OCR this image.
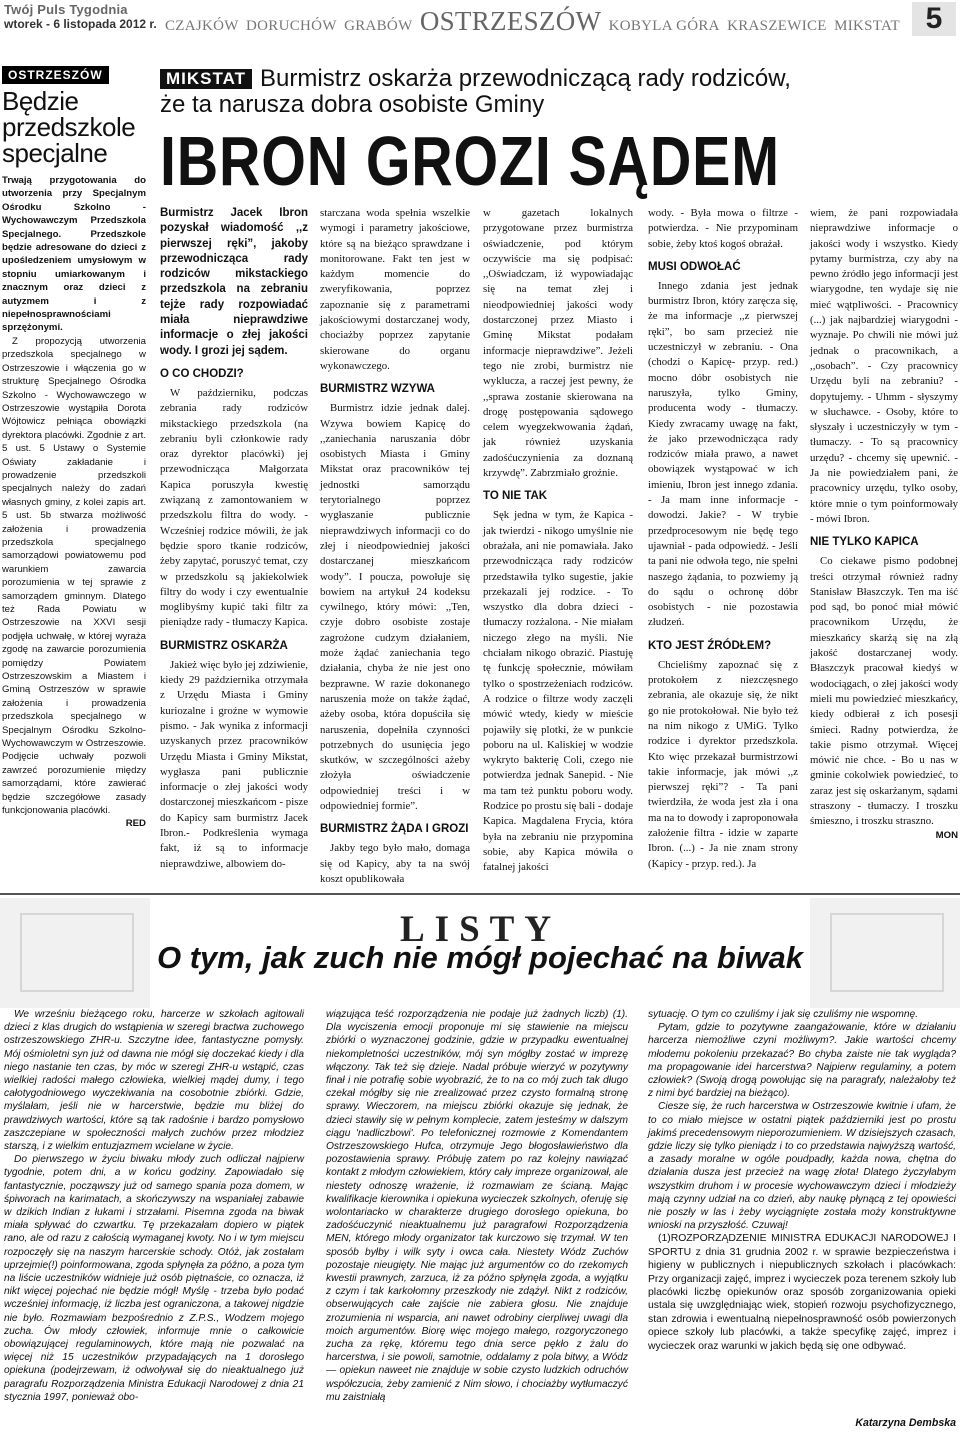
Twój Puls Tygodnia
wtorek - 6 listopada 2012 r. CZAJKÓW DORUCHÓW GRABÓW OSTRZESZÓW KOBYLA GÓRA KRASZEWICE MIKSTAT 5
OSTRZESZÓW
Będzie
przedszkole
specjalne

Trwają przygotowania do utworzenia przy Specjalnym Ośrodku Szkolno - Wychowawczym Przedszkola Specjalnego. Przedszkole będzie adresowane do dzieci z upośledzeniem umysłowym w stopniu umiarkowanym i znacznym oraz dzieci z autyzmem i z niepełnosprawnościami sprzężonymi.

Z propozycją utworzenia przedszkola specjalnego w Ostrzeszowie i włączenia go w strukturę Specjalnego Ośrodka Szkolno - Wychowawczego w Ostrzeszowie wystąpiła Dorota Wójtowicz pełniąca obowiązki dyrektora placówki. Zgodnie z art. 5 ust. 5 Ustawy o Systemie Oświaty zakładanie i prowadzenie przedszkoli specjalnych należy do zadań własnych gminy, z kolei zapis art. 5 ust. 5b stwarza możliwość założenia i prowadzenia przedszkola specjalnego samorządowi powiatowemu pod warunkiem zawarcia porozumienia w tej sprawie z samorządem gminnym. Dlatego też Rada Powiatu w Ostrzeszowie na XXVI sesji podjęła uchwałę, w której wyraża zgodę na zawarcie porozumienia pomiędzy Powiatem Ostrzeszowskim a Miastem i Gminą Ostrzeszów w sprawie założenia i prowadzenia przedszkola specjalnego w Specjalnym Ośrodku Szkolno-Wychowawczym w Ostrzeszowie. Podjęcie uchwały pozwoli zawrzeć porozumienie między samorządami, które zawierać będzie szczegółowe zasady funkcjonowania placówki.

RED
MIKSTAT Burmistrz oskarża przewodniczącą rady rodziców,
że ta narusza dobra osobiste Gminy
IBRON GROZI SĄDEM

Burmistrz Jacek Ibron pozyskał wiadomość ,,z pierwszej ręki”, jakoby przewodnicząca rady rodziców mikstackiego przedszkola na zebraniu tejże rady rozpowiadać miała nieprawdziwe informacje o złej jakości wody. I grozi jej sądem.

O CO CHODZI?

W październiku, podczas zebrania rady rodziców mikstackiego przedszkola (na zebraniu byli członkowie rady oraz dyrektor placówki) jej przewodnicząca Małgorzata Kapica poruszyła kwestię związaną z zamontowaniem w przedszkolu filtra do wody. - Wcześniej rodzice mówili, że jak będzie sporo tkanie rodziców, żeby zapytać, poruszyć temat, czy w przedszkolu są jakiekolwiek filtry do wody i czy ewentualnie moglibyśmy kupić taki filtr za pieniądze rady - tłumaczy Kapica.

BURMISTRZ OSKARŻA

Jakież więc było jej zdziwienie, kiedy 29 października otrzymała z Urzędu Miasta i Gminy kuriozalne i groźne w wymowie pismo. - Jak wynika z informacji uzyskanych przez pracowników Urzędu Miasta i Gminy Mikstat, wygłasza pani publicznie informacje o złej jakości wody dostarczonej mieszkańcom - pisze do Kapicy sam burmistrz Jacek Ibron.- Podkreślenia wymaga fakt, iż są to informacje nieprawdziwe, albowiem do-

starczana woda spełnia wszelkie wymogi i parametry jakościowe, które są na bieżąco sprawdzane i monitorowane. Fakt ten jest w każdym momencie do zweryfikowania, poprzez zapoznanie się z parametrami jakościowymi dostarczanej wody, chociażby poprzez zapytanie skierowane do organu wykonawczego.

BURMISTRZ WZYWA

Burmistrz idzie jednak dalej. Wzywa bowiem Kapicę do ,,zaniechania naruszania dóbr osobistych Miasta i Gminy Mikstat oraz pracowników tej jednostki samorządu terytorialnego poprzez wygłaszanie publicznie nieprawdziwych informacji co do złej i nieodpowiedniej jakości dostarczanej mieszkańcom wody”. I poucza, powołuje się bowiem na artykuł 24 kodeksu cywilnego, który mówi: ,,Ten, czyje dobro osobiste zostaje zagrożone cudzym działaniem, może żądać zaniechania tego działania, chyba że nie jest ono bezprawne. W razie dokonanego naruszenia może on także żądać, ażeby osoba, która dopuściła się naruszenia, dopełniła czynności potrzebnych do usunięcia jego skutków, w szczególności ażeby złożyła oświadczenie odpowiedniej treści i w odpowiedniej formie”.

BURMISTRZ ŻĄDA I GROZI

Jakby tego było mało, domaga się od Kapicy, aby ta na swój koszt opublikowała

w gazetach lokalnych przygotowane przez burmistrza oświadczenie, pod którym oczywiście ma się podpisać: ,,Oświadczam, iż wypowiadając się na temat złej i nieodpowiedniej jakości wody dostarczonej przez Miasto i Gminę Mikstat podałam informacje nieprawdziwe”. Jeżeli tego nie zrobi, burmistrz nie wyklucza, a raczej jest pewny, że ,,sprawa zostanie skierowana na drogę postępowania sądowego celem wyegzekwowania żądań, jak również uzyskania zadośćuczynienia za doznaną krzywdę”. Zabrzmiało groźnie.

TO NIE TAK

Sęk jedna w tym, że Kapica - jak twierdzi - nikogo umyślnie nie obrażała, ani nie pomawiała. Jako przewodnicząca rady rodziców przedstawiła tylko sugestie, jakie przekazali jej rodzice. - To wszystko dla dobra dzieci - tłumaczy rozżalona. - Nie miałam niczego złego na myśli. Nie chciałam nikogo obrazić. Piastuję tę funkcję społecznie, mówiłam tylko o spostrzeżeniach rodziców. A rodzice o filtrze wody zaczęli mówić wtedy, kiedy w mieście pojawiły się plotki, że w punkcie poboru na ul. Kaliskiej w wodzie wykryto bakterię Coli, czego nie potwierdza jednak Sanepid. - Nie ma tam też punktu poboru wody. Rodzice po prostu się bali - dodaje Kapica. Magdalena Frycia, która była na zebraniu nie przypomina sobie, aby Kapica mówiła o fatalnej jakości

wody. - Była mowa o filtrze - potwierdza. - Nie przypominam sobie, żeby ktoś kogoś obrażał.

MUSI ODWOŁAĆ

Innego zdania jest jednak burmistrz Ibron, który zaręcza się, że ma informacje ,,z pierwszej ręki”, bo sam przecież nie uczestniczył w zebraniu. - Ona (chodzi o Kapicę- przyp. red.) mocno dóbr osobistych nie naruszyła, tylko Gminy, producenta wody - tłumaczy. Kiedy zwracamy uwagę na fakt, że jako przewodnicząca rady rodziców miała prawo, a nawet obowiązek wystąpować w ich imieniu, Ibron jest innego zdania. - Ja mam inne informacje - dowodzi. Jakie? - W trybie przedprocesowym nie będę tego ujawniał - pada odpowiedź. - Jeśli ta pani nie odwoła tego, nie spełni naszego żądania, to pozwiemy ją do sądu o ochronę dóbr osobistych - nie pozostawia złudzeń.

KTO JEST ŹRÓDŁEM?

Chcieliśmy zapoznać się z protokołem z niezczęsnego zebrania, ale okazuje się, że nikt go nie protokołował. Nie było też na nim nikogo z UMiG. Tylko rodzice i dyrektor przedszkola. Kto więc przekazał burmistrzowi takie informacje, jak mówi ,,z pierwszej ręki”? - Ta pani twierdziła, że woda jest zła i ona ma na to dowody i zaproponowała założenie filtra - idzie w zaparte Ibron. (...) - Ja nie znam strony (Kapicy - przyp. red.). Ja

wiem, że pani rozpowiadała nieprawdziwe informacje o jakości wody i wszystko. Kiedy pytamy burmistrza, czy aby na pewno źródło jego informacji jest wiarygodne, ten wydaje się nie mieć wątpliwości. - Pracownicy (...) jak najbardziej wiarygodni - wyznaje. Po chwili nie mówi już jednak o pracownikach, a ,,osobach”. - Czy pracownicy Urzędu byli na zebraniu? - dopytujemy. - Uhmm - słyszymy w słuchawce. - Osoby, które to słyszały i uczestniczyły w tym - tłumaczy. - To są pracownicy urzędu? - chcemy się upewnić. - Ja nie powiedziałem pani, że pracownicy urzędu, tylko osoby, które mnie o tym poinformowały - mówi Ibron.

NIE TYLKO KAPICA

Co ciekawe pismo podobnej treści otrzymał również radny Stanisław Błaszczyk. Ten ma iść pod sąd, bo ponoć miał mówić pracownikom Urzędu, że mieszkańcy skarżą się na złą jakość dostarczanej wody. Błaszczyk pracował kiedyś w wodociągach, o złej jakości wody mieli mu powiedzieć mieszkańcy, kiedy odbierał z ich posesji śmieci. Radny potwierdza, że takie pismo otrzymał. Więcej mówić nie chce. - Bo u nas w gminie cokolwiek powiedzieć, to zaraz jest się oskarżanym, sądami straszony - tłumaczy. I troszku śmieszno, i troszku straszno.

MON
LISTY
O tym, jak zuch nie mógł pojechać na biwak

We wrześniu bieżącego roku, harcerze w szkołach agitowali dzieci z klas drugich do wstąpienia w szeregi bractwa zuchowego ostrzeszowskiego ZHR-u. Szczytne idee, fantastyczne pomysły. Mój ośmioletni syn już od dawna nie mógł się doczekać kiedy i dla niego nastanie ten czas, by móc w szeregi ZHR-u wstąpić, czas wielkiej radości małego człowieka, wielkiej mądej dumy, i tego całotygodniowego wyczekiwania na cosobotnie zbiórki. Gdzie, myślałam, jeśli nie w harcerstwie, będzie mu bliżej do prawdziwych wartości, które są tak radośnie i bardzo pomysłowo zaszczepiane w społeczności małych zuchów przez młodziez starszą, i z wielkim entuzjazmem wcielane w życie.

Do pierwszego w życiu biwaku młody zuch odliczał najpierw tygodnie, potem dni, a w końcu godziny. Zapowiadało się fantastycznie, począwszy już od samego spania poza domem, w śpiworach na karimatach, a skończywszy na wspaniałej zabawie w dzikich Indian z łukami i strzałami. Pisemna zgoda na biwak miała spływać do czwartku. Tę przekazałam dopiero w piątek rano, ale od razu z całością wymaganej kwoty. No i w tym miejscu rozpoczęły się na naszym harcerskie schody. Otóż, jak zostałam uprzejmie(!) poinformowana, zgoda spłynęła za późno, a poza tym na liście uczestników widnieje już osób piętnaście, co oznacza, iż nikt więcej pojechać nie będzie mógł! Myślę - trzeba było podać wcześniej informację, iż liczba jest ograniczona, a takowej nigdzie nie było. Rozmawiam bezpośrednio z Z.P.S., Wodzem mojego zucha. Ów młody człowiek, informuje mnie o całkowicie obowiązującej regulaminowych, które mają nie pozwalać na więcej niż 15 uczestników przypadających na 1 dorosłego opiekuna (podejrzewam, iż odwoływał się do nieaktualnego już paragrafu Rozporządzenia Ministra Edukacji Narodowej z dnia 21 stycznia 1997, ponieważ obo-

wiązująca teść rozporządzenia nie podaje już żadnych liczb) (1). Dla wyciszenia emocji proponuje mi się stawienie na miejscu zbiórki o wyznaczonej godzinie, gdzie w przypadku ewentualnej niekompletności uczestników, mój syn mógłby zostać w imprezę włączony. Tak też się dzieje. Nadal próbuje wierzyć w pozytywny finał i nie potrafię sobie wyobrazić, że to na co mój zuch tak długo czekał mógłby się nie zrealizować przez czysto formalną stronę sprawy. Wieczorem, na miejscu zbiórki okazuje się jednak, że dzieci stawiły się w pełnym komplecie, zatem jesteśmy w dalszym ciągu 'nadliczbowi'. Po telefonicznej rozmowie z Komendantem Ostrzeszowskiego Hufca, otrzymuje Jego błogosławieństwo dla pozostawienia sprawy. Próbuję zatem po raz kolejny nawiązać kontakt z młodym człowiekiem, który cały impreze organizował, ale niestety odnoszę wrażenie, iż rozmawiam ze ścianą. Mając kwalifikacje kierownika i opiekuna wycieczek szkolnych, oferuję się wolontariacko w charakterze drugiego dorosłego opiekuna, bo zadośćuczynić nieaktualnemu już paragrafowi Rozporządzenia MEN, którego młody organizator tak kurczowo się trzymał. W ten sposób byłby i wilk syty i owca cała. Niestety Wódz Zuchów pozostaje nieugięty. Nie mając już argumentów co do rzekomych kwestii prawnych, zarzuca, iż za późno spłynęła zgoda, a wyjątku z czym i tak karkołomny przeszkody nie zdążył. Nikt z rodziców, obserwujących całe zajście nie zabiera głosu. Nie znajduje zrozumienia ni wsparcia, ani nawet odrobiny cierpliwej uwagi dla moich argumentów. Biorę więc mojego małego, rozgoryczonego zucha za rękę, któremu tego dnia serce pękło z żalu do harcerstwa, i sie powoli, samotnie, oddalamy z pola bitwy, a Wódz — opiekun naweet nie znajduje w sobie czysto ludzkich odruchów współczucia, żeby zamienić z Nim słowo, i chociażby wytłumaczyć mu zaistniałą

sytuację. O tym co czuliśmy i jak się czuliśmy nie wspomnę.

Pytam, gdzie to pozytywne zaangażowanie, które w działaniu harcerza niemożliwe czyni możliwym?. Jakie wartości chcemy młodemu pokoleniu przekazać? Bo chyba zaiste nie tak wygląda? ma propagowanie idei harcerstwa? Najpierw regulaminy, a potem człowiek? (Swoją drogą powołując się na paragrafy, należałoby też z nimi być bardziej na bieżąco).

Ciesze się, że ruch harcerstwa w Ostrzeszowie kwitnie i ufam, że to co miało miejsce w ostatni piątek październiki jest po prostu jakimś precedensowym nieporozumieniem. W dzisiejszych czasach, gdzie liczy się tylko pieniądz i to co przedstawia najwyższą wartość, a zasady moralne w ogóle poudpadły, każda nowa, chętna do działania dusza jest przecież na wagę złota! Dlatego życzyłabym wszystkim druhom i w procesie wychowawczym dzieci i młodzieży mają czynny udział na co dzień, aby naukę płynącą z tej opowieści nie poszły w las i żeby wyciągnięte została moży konstruktywne wnioski na przyszłość. Czuwaj!

(1)ROZPORZĄDZENIE MINISTRA EDUKACJI NARODOWEJ I SPORTU z dnia 31 grudnia 2002 r. w sprawie bezpieczeństwa i higieny w publicznych i niepublicznych szkołach i placówkach: Przy organizacji zajęć, imprez i wycieczek poza terenem szkoły lub placówki liczbę opiekunów oraz sposób zorganizowania opieki ustala się uwzględniając wiek, stopień rozwoju psychofizycznego, stan zdrowia i ewentualną niepełnosprawność osób powierzonych opiece szkoły lub placówki, a także specyfikę zajęć, imprez i wycieczek oraz warunki w jakich będą się one odbywać.

Katarzyna Dembska
